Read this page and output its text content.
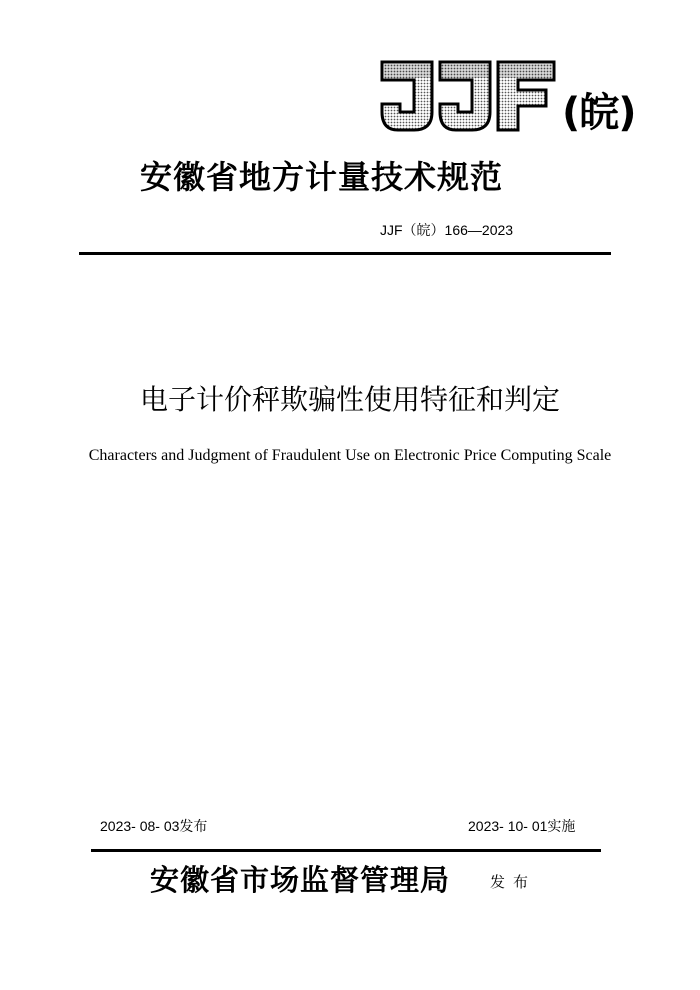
(皖)
安徽省地方计量技术规范
JJF（皖）166—2023
电子计价秤欺骗性使用特征和判定
Characters and Judgment of Fraudulent Use on Electronic Price Computing Scale
2023- 08- 03发布	2023- 10- 01实施
安徽省市场监督管理局	发布
